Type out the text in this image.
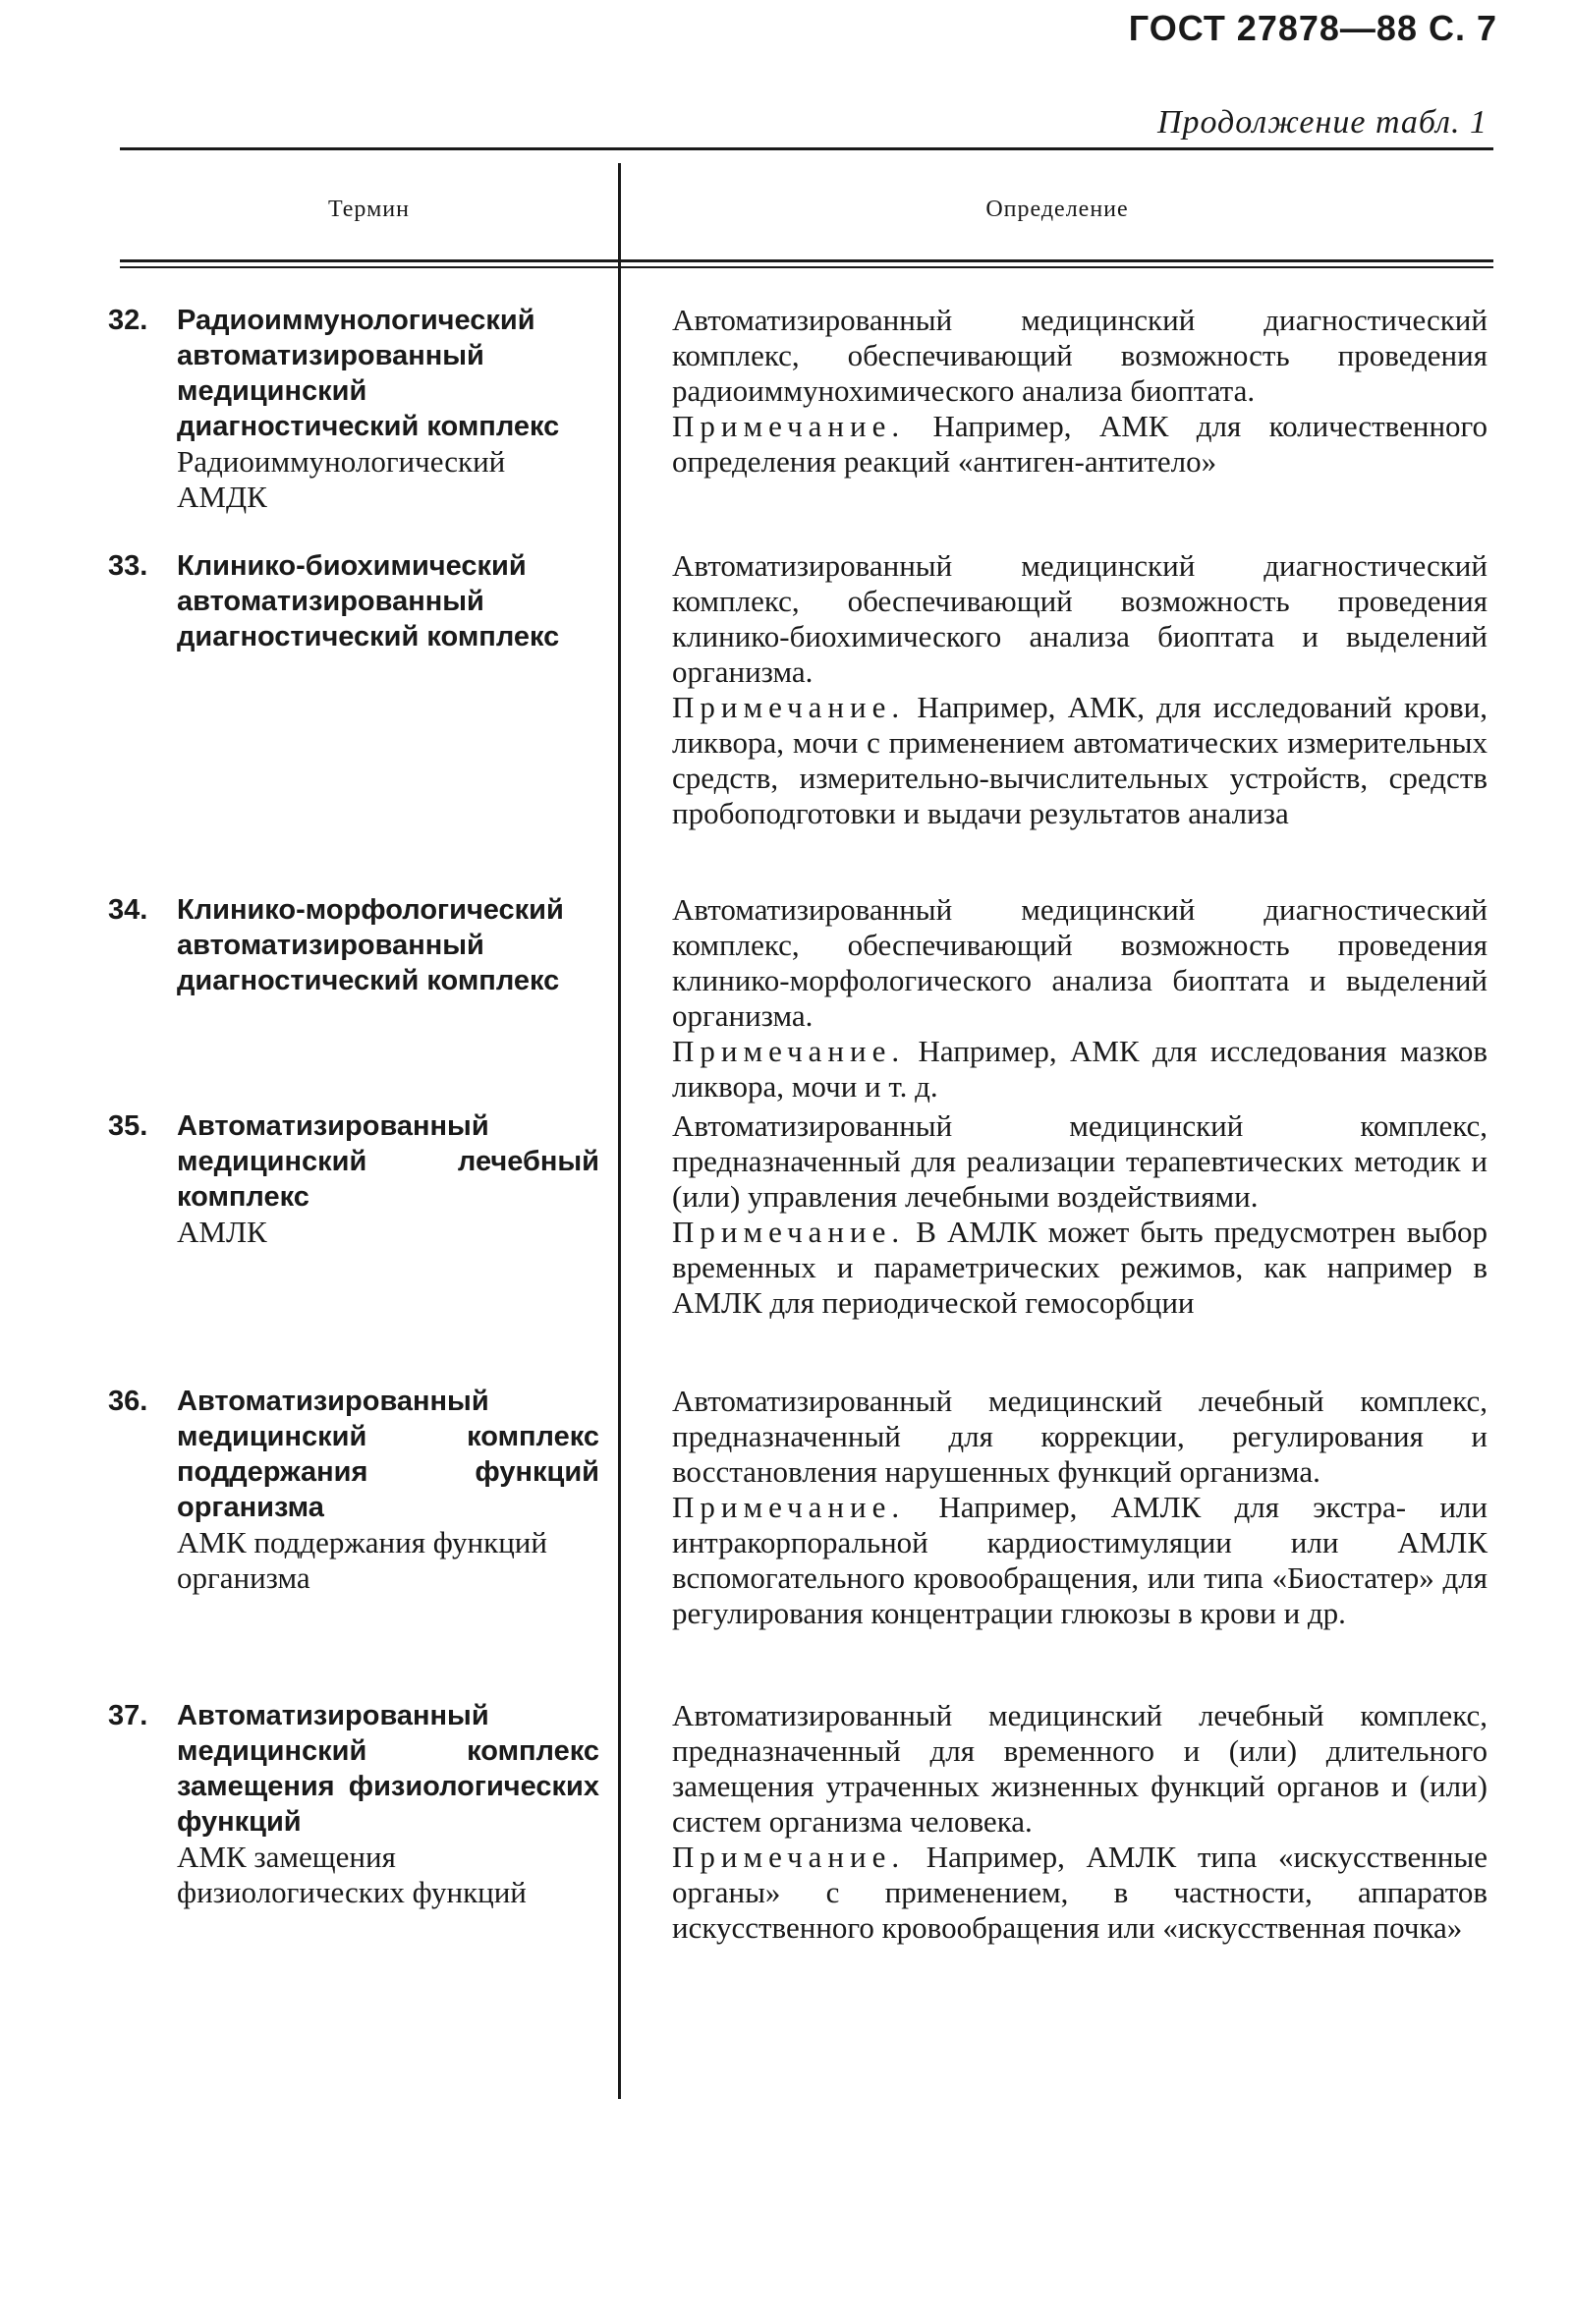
ГОСТ 27878—88 С. 7
Продолжение табл. 1
Термин	Определение
32. Радиоиммунологический автоматизированный медицинский диагностический комплекс
Радиоиммунологический АМДК
Автоматизированный медицинский диагностический комплекс, обеспечивающий возможность проведения радиоиммунохимического анализа биоптата.
Примечание. Например, АМК для количественного определения реакций «антиген-антитело»
33. Клинико-биохимический автоматизированный диагностический комплекс
Автоматизированный медицинский диагностический комплекс, обеспечивающий возможность проведения клинико-биохимического анализа биоптата и выделений организма.
Примечание. Например, АМК, для исследований крови, ликвора, мочи с применением автоматических измерительных средств, измерительно-вычислительных устройств, средств пробоподготовки и выдачи результатов анализа
34. Клинико-морфологический автоматизированный диагностический комплекс
Автоматизированный медицинский диагностический комплекс, обеспечивающий возможность проведения клинико-морфологического анализа биоптата и выделений организма.
Примечание. Например, АМК для исследования мазков ликвора, мочи и т. д.
35. Автоматизированный медицинский лечебный комплекс
АМЛК
Автоматизированный медицинский комплекс, предназначенный для реализации терапевтических методик и (или) управления лечебными воздействиями.
Примечание. В АМЛК может быть предусмотрен выбор временных и параметрических режимов, как например в АМЛК для периодической гемосорбции
36. Автоматизированный медицинский комплекс поддержания функций организма
АМК поддержания функций организма
Автоматизированный медицинский лечебный комплекс, предназначенный для коррекции, регулирования и восстановления нарушенных функций организма.
Примечание. Например, АМЛК для экстра- или интракорпоральной кардиостимуляции или АМЛК вспомогательного кровообращения, или типа «Биостатер» для регулирования концентрации глюкозы в крови и др.
37. Автоматизированный медицинский комплекс замещения физиологических функций
АМК замещения физиологических функций
Автоматизированный медицинский лечебный комплекс, предназначенный для временного и (или) длительного замещения утраченных жизненных функций органов и (или) систем организма человека.
Примечание. Например, АМЛК типа «искусственные органы» с применением, в частности, аппаратов искусственного кровообращения или «искусственная почка»
